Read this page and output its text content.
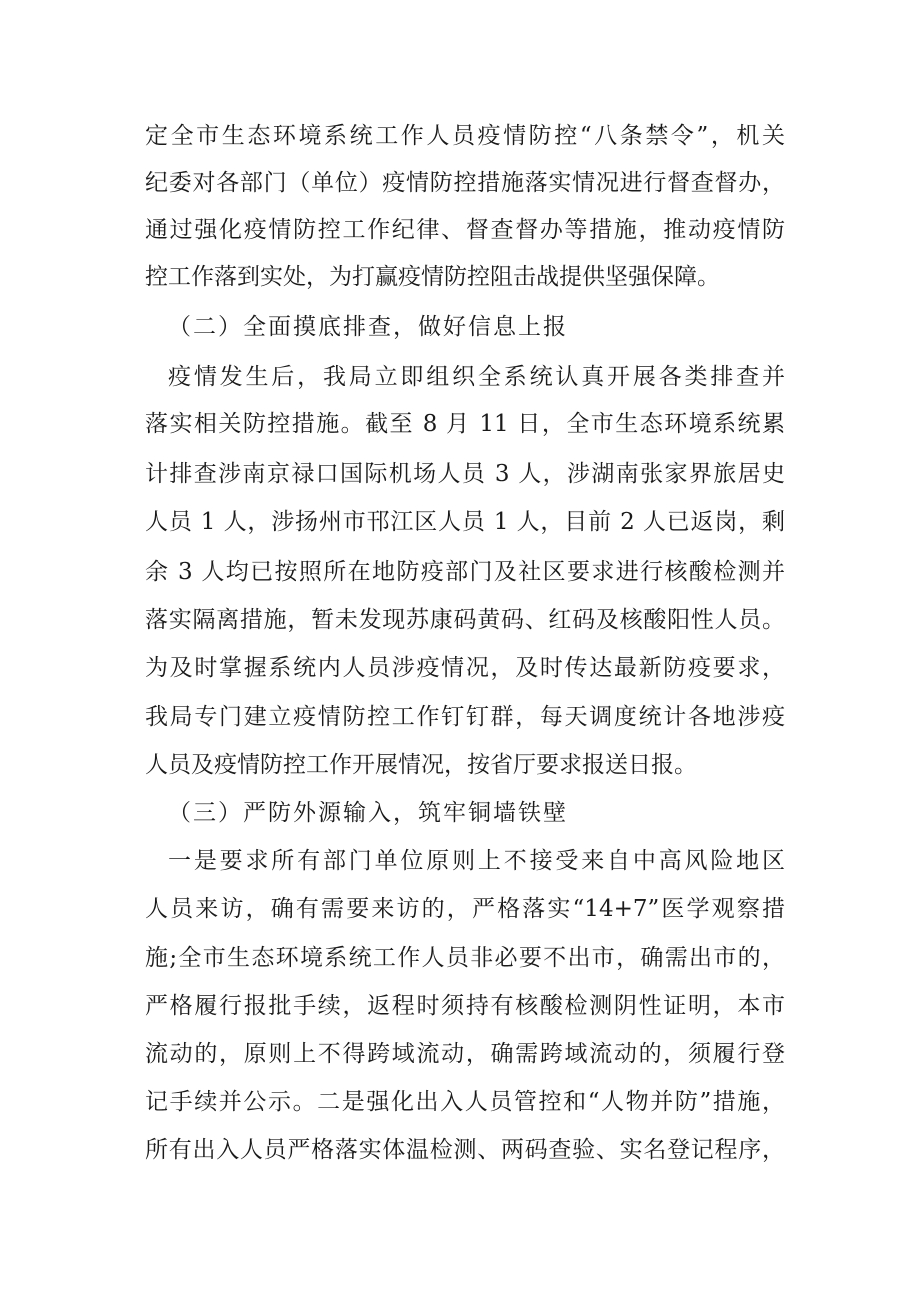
定全市生态环境系统工作人员疫情防控“八条禁令”，机关
纪委对各部门（单位）疫情防控措施落实情况进行督查督办，
通过强化疫情防控工作纪律、督查督办等措施，推动疫情防
控工作落到实处，为打赢疫情防控阻击战提供坚强保障。
（二）全面摸底排查，做好信息上报
疫情发生后，我局立即组织全系统认真开展各类排查并
落实相关防控措施。截至 8 月 11 日，全市生态环境系统累
计排查涉南京禄口国际机场人员 3 人，涉湖南张家界旅居史
人员 1 人，涉扬州市邗江区人员 1 人，目前 2 人已返岗，剩
余 3 人均已按照所在地防疫部门及社区要求进行核酸检测并
落实隔离措施，暂未发现苏康码黄码、红码及核酸阳性人员。
为及时掌握系统内人员涉疫情况，及时传达最新防疫要求，
我局专门建立疫情防控工作钉钉群，每天调度统计各地涉疫
人员及疫情防控工作开展情况，按省厅要求报送日报。
（三）严防外源输入，筑牢铜墙铁壁
一是要求所有部门单位原则上不接受来自中高风险地区
人员来访，确有需要来访的，严格落实“14+7”医学观察措
施;全市生态环境系统工作人员非必要不出市，确需出市的，
严格履行报批手续，返程时须持有核酸检测阴性证明，本市
流动的，原则上不得跨域流动，确需跨域流动的，须履行登
记手续并公示。二是强化出入人员管控和“人物并防”措施，
所有出入人员严格落实体温检测、两码查验、实名登记程序，
